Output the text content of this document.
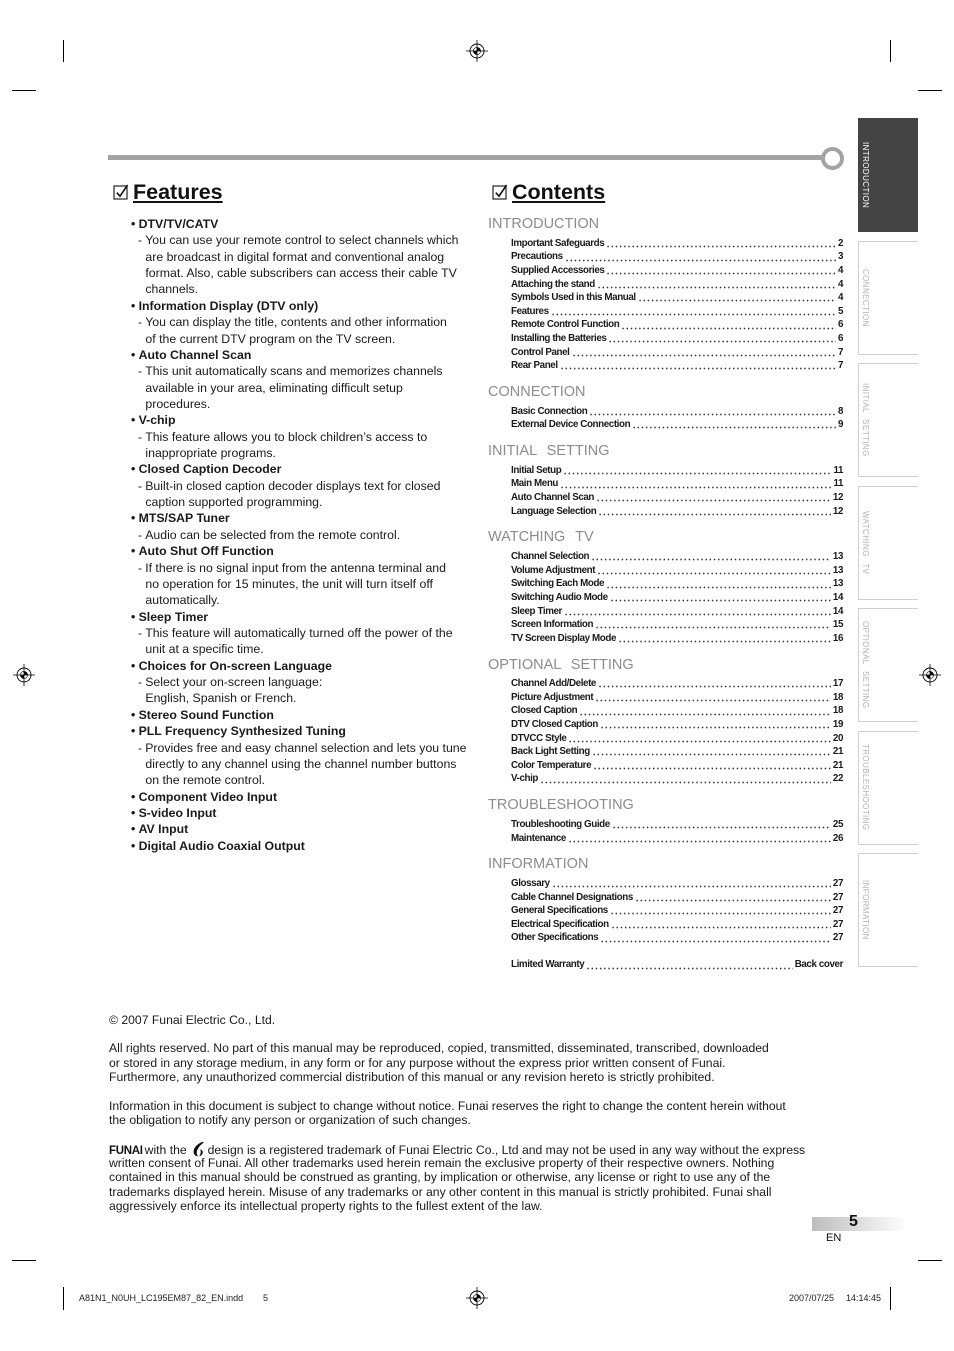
INTRODUCTION
CONNECTION
INITIAL SETTING
WATCHING TV
OPTIONAL SETTING
TROUBLESHOOTING
INFORMATION
Features
• DTV/TV/CATV
- You can use your remote control to select channels which
are broadcast in digital format and conventional analog
format. Also, cable subscribers can access their cable TV
channels.
• Information Display (DTV only)
- You can display the title, contents and other information
of the current DTV program on the TV screen.
• Auto Channel Scan
- This unit automatically scans and memorizes channels
available in your area, eliminating difficult setup
procedures.
• V-chip
- This feature allows you to block children’s access to
inappropriate programs.
• Closed Caption Decoder
- Built-in closed caption decoder displays text for closed
caption supported programming.
• MTS/SAP Tuner
- Audio can be selected from the remote control.
• Auto Shut Off Function
- If there is no signal input from the antenna terminal and
no operation for 15 minutes, the unit will turn itself off
automatically.
• Sleep Timer
- This feature will automatically turned off the power of the
unit at a specific time.
• Choices for On-screen Language
- Select your on-screen language:
English, Spanish or French.
• Stereo Sound Function
• PLL Frequency Synthesized Tuning
- Provides free and easy channel selection and lets you tune
directly to any channel using the channel number buttons
on the remote control.
• Component Video Input
• S-video Input
• AV Input
• Digital Audio Coaxial Output
Contents
INTRODUCTION
Important Safeguards	2
Precautions	3
Supplied Accessories	4
Attaching the stand	4
Symbols Used in this Manual	4
Features	5
Remote Control Function	6
Installing the Batteries	6
Control Panel	7
Rear Panel	7
CONNECTION
Basic Connection	8
External Device Connection	9
INITIAL SETTING
Initial Setup	11
Main Menu	11
Auto Channel Scan	12
Language Selection	12
WATCHING TV
Channel Selection	13
Volume Adjustment	13
Switching Each Mode	13
Switching Audio Mode	14
Sleep Timer	14
Screen Information	15
TV Screen Display Mode	16
OPTIONAL SETTING
Channel Add/Delete	17
Picture Adjustment	18
Closed Caption	18
DTV Closed Caption	19
DTVCC Style	20
Back Light Setting	21
Color Temperature	21
V-chip	22
TROUBLESHOOTING
Troubleshooting Guide	25
Maintenance	26
INFORMATION
Glossary	27
Cable Channel Designations	27
General Specifications	27
Electrical Specification	27
Other Specifications	27
Limited Warranty	Back cover
© 2007 Funai Electric Co., Ltd.
All rights reserved. No part of this manual may be reproduced, copied, transmitted, disseminated, transcribed, downloaded
or stored in any storage medium, in any form or for any purpose without the express prior written consent of Funai.
Furthermore, any unauthorized commercial distribution of this manual or any revision hereto is strictly prohibited.
Information in this document is subject to change without notice. Funai reserves the right to change the content herein without
the obligation to notify any person or organization of such changes.
FUNAI with the design is a registered trademark of Funai Electric Co., Ltd and may not be used in any way without the express
written consent of Funai. All other trademarks used herein remain the exclusive property of their respective owners. Nothing
contained in this manual should be construed as granting, by implication or otherwise, any license or right to use any of the
trademarks displayed herein. Misuse of any trademarks or any other content in this manual is strictly prohibited. Funai shall
aggressively enforce its intellectual property rights to the fullest extent of the law.
5
EN
A81N1_N0UH_LC195EM87_82_EN.indd 5	2007/07/25 14:14:45
